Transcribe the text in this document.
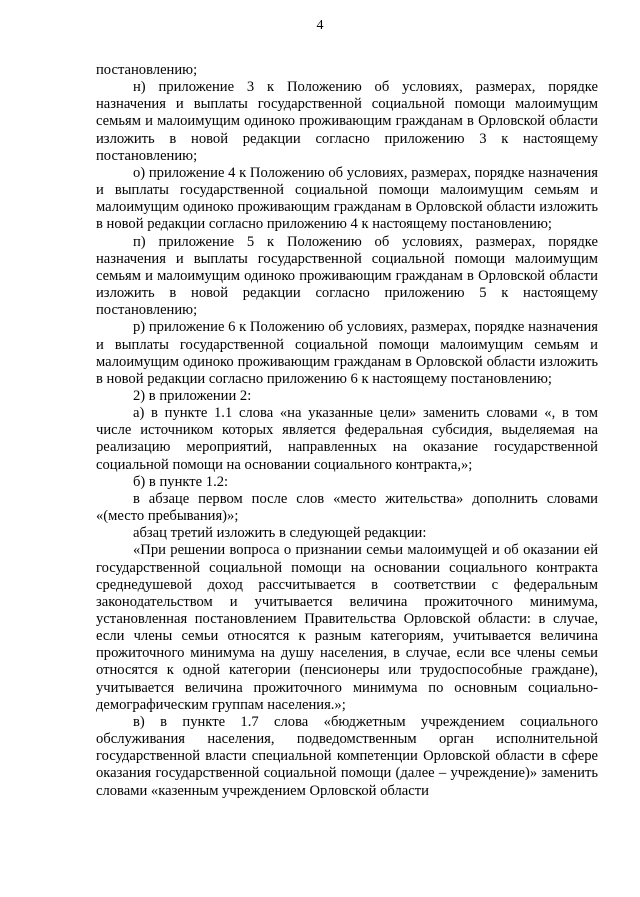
4

постановлению;

н) приложение 3 к Положению об условиях, размерах, порядке назначения и выплаты государственной социальной помощи малоимущим семьям и малоимущим одиноко проживающим гражданам в Орловской области изложить в новой редакции согласно приложению 3 к настоящему постановлению;

о) приложение 4 к Положению об условиях, размерах, порядке назначения и выплаты государственной социальной помощи малоимущим семьям и малоимущим одиноко проживающим гражданам в Орловской области изложить в новой редакции согласно приложению 4 к настоящему постановлению;

п) приложение 5 к Положению об условиях, размерах, порядке назначения и выплаты государственной социальной помощи малоимущим семьям и малоимущим одиноко проживающим гражданам в Орловской области изложить в новой редакции согласно приложению 5 к настоящему постановлению;

р) приложение 6 к Положению об условиях, размерах, порядке назначения и выплаты государственной социальной помощи малоимущим семьям и малоимущим одиноко проживающим гражданам в Орловской области изложить в новой редакции согласно приложению 6 к настоящему постановлению;

2) в приложении 2:

а) в пункте 1.1 слова «на указанные цели» заменить словами «, в том числе источником которых является федеральная субсидия, выделяемая на реализацию мероприятий, направленных на оказание государственной социальной помощи на основании социального контракта,»;

б) в пункте 1.2:

в абзаце первом после слов «место жительства» дополнить словами «(место пребывания)»;

абзац третий изложить в следующей редакции:

«При решении вопроса о признании семьи малоимущей и об оказании ей государственной социальной помощи на основании социального контракта среднедушевой доход рассчитывается в соответствии с федеральным законодательством и учитывается величина прожиточного минимума, установленная постановлением Правительства Орловской области: в случае, если члены семьи относятся к разным категориям, учитывается величина прожиточного минимума на душу населения, в случае, если все члены семьи относятся к одной категории (пенсионеры или трудоспособные граждане), учитывается величина прожиточного минимума по основным социально-демографическим группам населения.»;

в) в пункте 1.7 слова «бюджетным учреждением социального обслуживания населения, подведомственным орган исполнительной государственной власти специальной компетенции Орловской области в сфере оказания государственной социальной помощи (далее – учреждение)» заменить словами «казенным учреждением Орловской области
